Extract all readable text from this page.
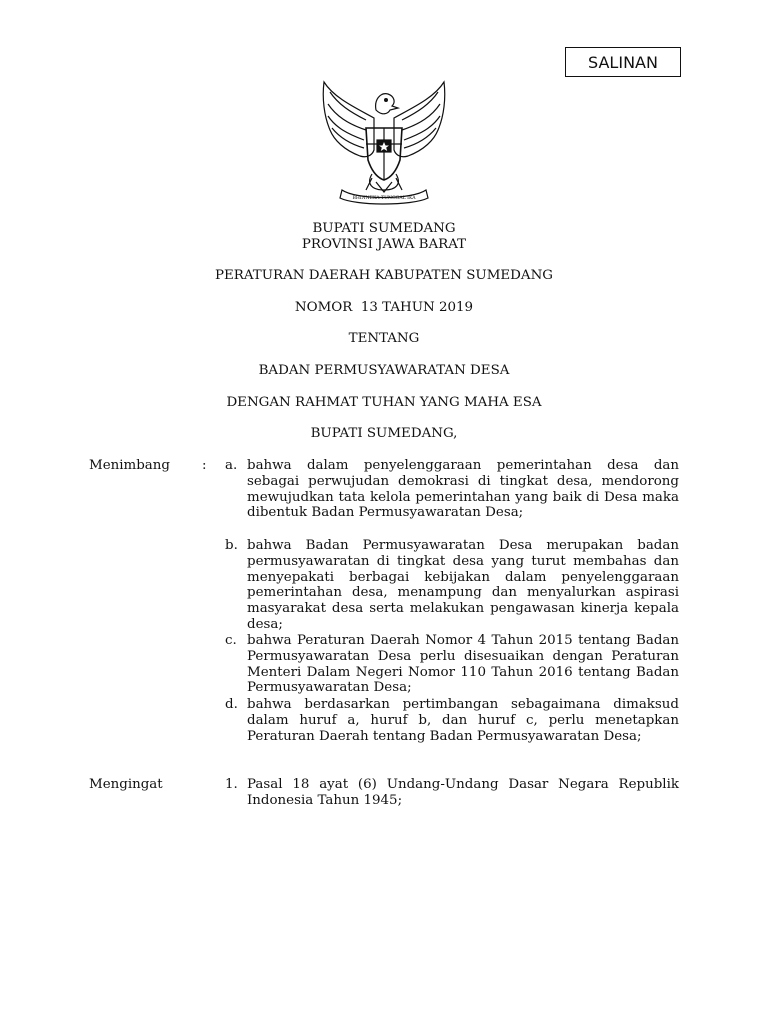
SALINAN
BHINNEKA TUNGGAL IKA
BUPATI SUMEDANG
PROVINSI JAWA BARAT
PERATURAN DAERAH KABUPATEN SUMEDANG
NOMOR  13 TAHUN 2019
TENTANG
BADAN PERMUSYAWARATAN DESA
DENGAN RAHMAT TUHAN YANG MAHA ESA
BUPATI SUMEDANG,
Menimbang : a. bahwa dalam penyelenggaraan pemerintahan desa dan sebagai perwujudan demokrasi di tingkat desa, mendorong mewujudkan tata kelola pemerintahan yang baik di Desa maka dibentuk Badan Permusyawaratan Desa;
b. bahwa Badan Permusyawaratan Desa merupakan badan permusyawaratan di tingkat desa yang turut membahas dan menyepakati berbagai kebijakan dalam penyelenggaraan pemerintahan desa, menampung dan menyalurkan aspirasi masyarakat desa serta melakukan pengawasan kinerja kepala desa;
c. bahwa Peraturan Daerah Nomor 4 Tahun 2015 tentang Badan Permusyawaratan Desa perlu disesuaikan dengan Peraturan Menteri Dalam Negeri Nomor 110 Tahun 2016 tentang Badan Permusyawaratan Desa;
d. bahwa berdasarkan pertimbangan sebagaimana dimaksud dalam huruf a, huruf b, dan huruf c, perlu menetapkan Peraturan Daerah tentang Badan Permusyawaratan Desa;
Mengingat	1. Pasal 18 ayat (6) Undang-Undang Dasar Negara Republik Indonesia Tahun 1945;
